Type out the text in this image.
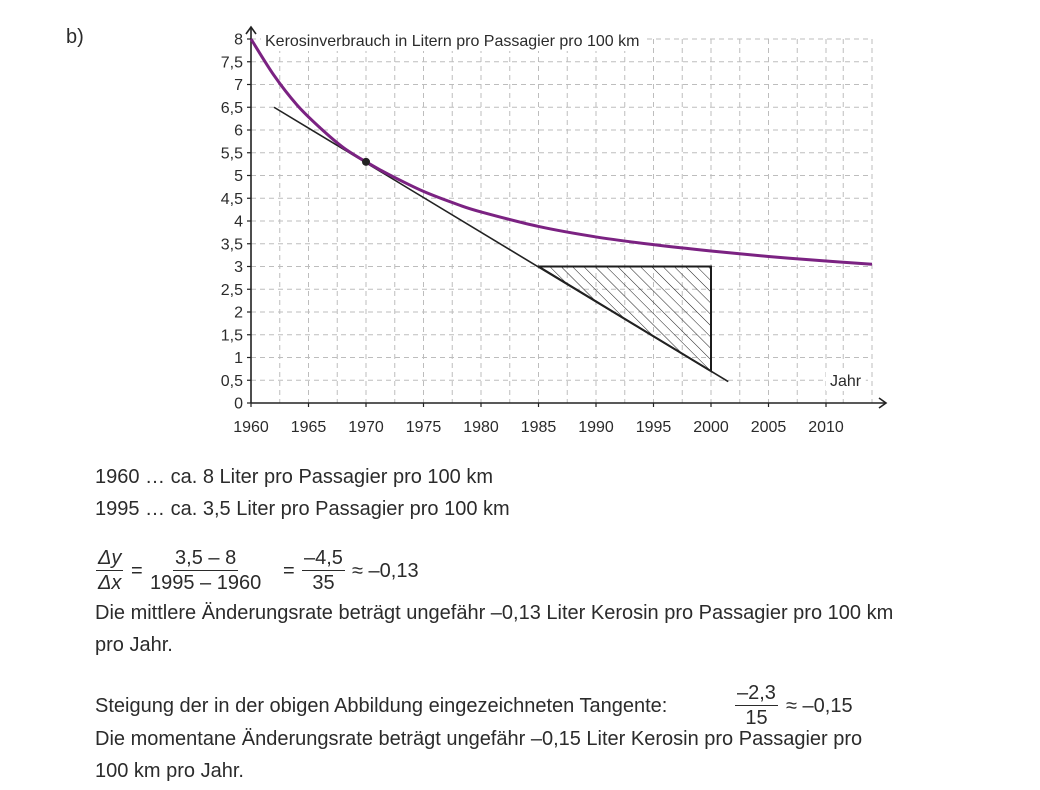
b)
0
0,5
1
1,5
2
2,5
3
3,5
4
4,5
5
5,5
6
6,5
7
7,5
8
1960 1965 1970 1975 1980 1985 1990 1995 2000 2005 2010
Kerosinverbrauch in Litern pro Passagier pro 100 km
Jahr
1960 … ca. 8 Liter pro Passagier pro 100 km
1995 … ca. 3,5 Liter pro Passagier pro 100 km
$\frac{\Delta y}{\Delta x} = \frac{3,5 - 8}{1995 - 1960} = \frac{-4,5}{35} \approx -0,13$
Die mittlere Änderungsrate beträgt ungefähr –0,13 Liter Kerosin pro Passagier pro 100 km
pro Jahr.
Steigung der in der obigen Abbildung eingezeichneten Tangente:	$\frac{-2,3}{15} \approx -0,15$
Die momentane Änderungsrate beträgt ungefähr –0,15 Liter Kerosin pro Passagier pro
100 km pro Jahr.
